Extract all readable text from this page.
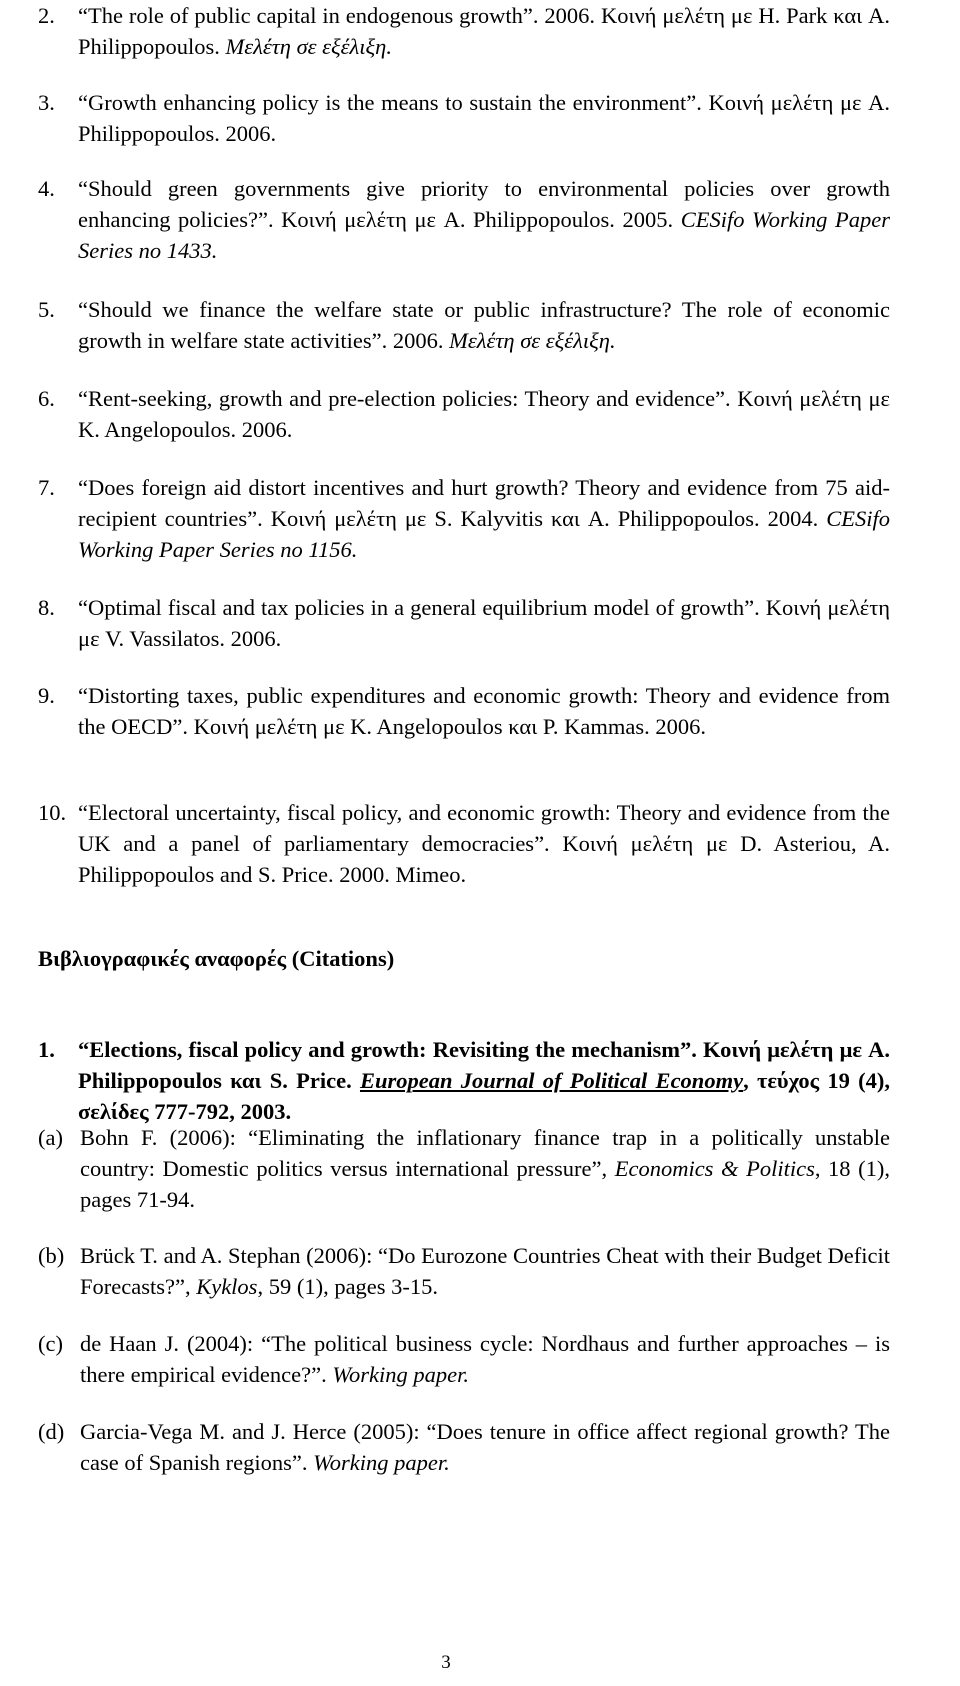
2. “The role of public capital in endogenous growth”. 2006. Κοινή μελέτη με H. Park και A. Philippopoulos. Μελέτη σε εξέλιξη.
3. “Growth enhancing policy is the means to sustain the environment”. Κοινή μελέτη με A. Philippopoulos. 2006.
4. “Should green governments give priority to environmental policies over growth enhancing policies?”. Κοινή μελέτη με A. Philippopoulos. 2005. CESifo Working Paper Series no 1433.
5. “Should we finance the welfare state or public infrastructure? The role of economic growth in welfare state activities”. 2006. Μελέτη σε εξέλιξη.
6. “Rent-seeking, growth and pre-election policies: Theory and evidence”. Κοινή μελέτη με K. Angelopoulos. 2006.
7. “Does foreign aid distort incentives and hurt growth? Theory and evidence from 75 aid-recipient countries”. Κοινή μελέτη με S. Kalyvitis και A. Philippopoulos. 2004. CESifo Working Paper Series no 1156.
8. “Optimal fiscal and tax policies in a general equilibrium model of growth”. Κοινή μελέτη με V. Vassilatos. 2006.
9. “Distorting taxes, public expenditures and economic growth: Theory and evidence from the OECD”. Κοινή μελέτη με K. Angelopoulos και P. Kammas. 2006.
10. “Electoral uncertainty, fiscal policy, and economic growth: Theory and evidence from the UK and a panel of parliamentary democracies”. Κοινή μελέτη με D. Asteriou, A. Philippopoulos and S. Price. 2000. Mimeo.
Βιβλιογραφικές αναφορές (Citations)
1.	“Elections, fiscal policy and growth: Revisiting the mechanism”. Κοινή μελέτη με A. Philippopoulos και S. Price. European Journal of Political Economy, τεύχος 19 (4), σελίδες 777-792, 2003.
(a) Bohn F. (2006): “Eliminating the inflationary finance trap in a politically unstable country: Domestic politics versus international pressure”, Economics & Politics, 18 (1), pages 71-94.
(b) Brück T. and A. Stephan (2006): “Do Eurozone Countries Cheat with their Budget Deficit Forecasts?”, Kyklos, 59 (1), pages 3-15.
(c) de Haan J. (2004): “The political business cycle: Nordhaus and further approaches – is there empirical evidence?”. Working paper.
(d) Garcia-Vega M. and J. Herce (2005): “Does tenure in office affect regional growth? The case of Spanish regions”. Working paper.
3
